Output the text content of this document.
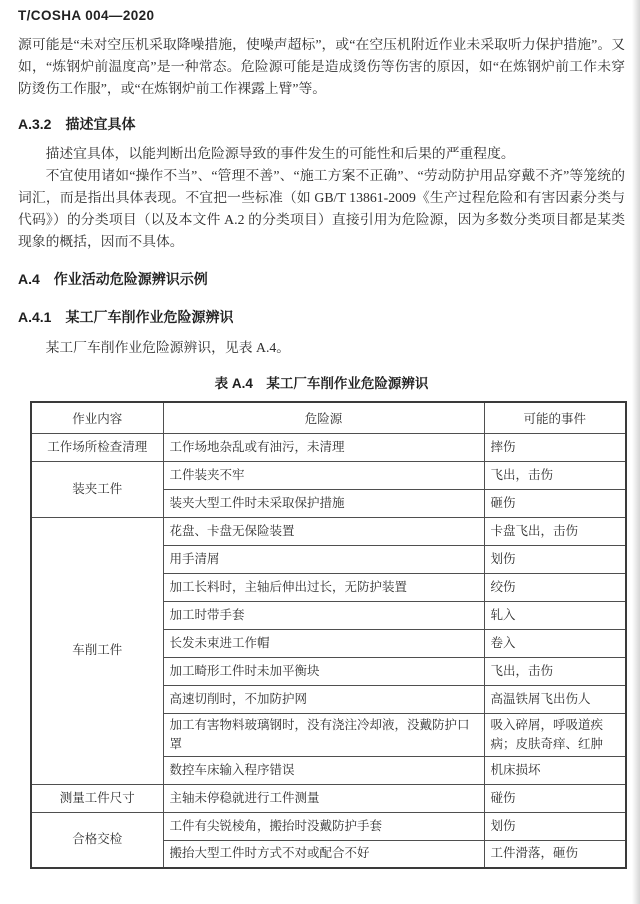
T/COSHA 004—2020

源可能是“未对空压机采取降噪措施，使噪声超标”，或“在空压机附近作业未采取听力保护措施”。又如，“炼钢炉前温度高”是一种常态。危险源可能是造成烫伤等伤害的原因，如“在炼钢炉前工作未穿防烫伤工作服”，或“在炼钢炉前工作裸露上臂”等。

A.3.2　描述宜具体

描述宜具体，以能判断出危险源导致的事件发生的可能性和后果的严重程度。

不宜使用诸如“操作不当”、“管理不善”、“施工方案不正确”、“劳动防护用品穿戴不齐”等笼统的词汇，而是指出具体表现。不宜把一些标准（如 GB/T 13861-2009《生产过程危险和有害因素分类与代码》）的分类项目（以及本文件 A.2 的分类项目）直接引用为危险源，因为多数分类项目都是某类现象的概括，因而不具体。

A.4　作业活动危险源辨识示例
A.4.1　某工厂车削作业危险源辨识

某工厂车削作业危险源辨识，见表 A.4。

表 A.4　某工厂车削作业危险源辨识
作业内容	危险源	可能的事件
工作场所检查清理	工作场地杂乱或有油污，未清理	摔伤
装夹工件	工件装夹不牢	飞出，击伤
	装夹大型工件时未采取保护措施	砸伤
车削工件	花盘、卡盘无保险装置	卡盘飞出，击伤
	用手清屑	划伤
	加工长料时，主轴后伸出过长，无防护装置	绞伤
	加工时带手套	轧入
	长发未束进工作帽	卷入
	加工畸形工件时未加平衡块	飞出，击伤
	高速切削时，不加防护网	高温铁屑飞出伤人
	加工有害物料玻璃钢时，没有浇注冷却液，没戴防护口罩	吸入碎屑，呼吸道疾病；皮肤奇痒、红肿
	数控车床输入程序错误	机床损坏
测量工件尺寸	主轴未停稳就进行工件测量	碰伤
合格交检	工件有尖锐棱角，搬抬时没戴防护手套	划伤
	搬抬大型工件时方式不对或配合不好	工件滑落，砸伤
